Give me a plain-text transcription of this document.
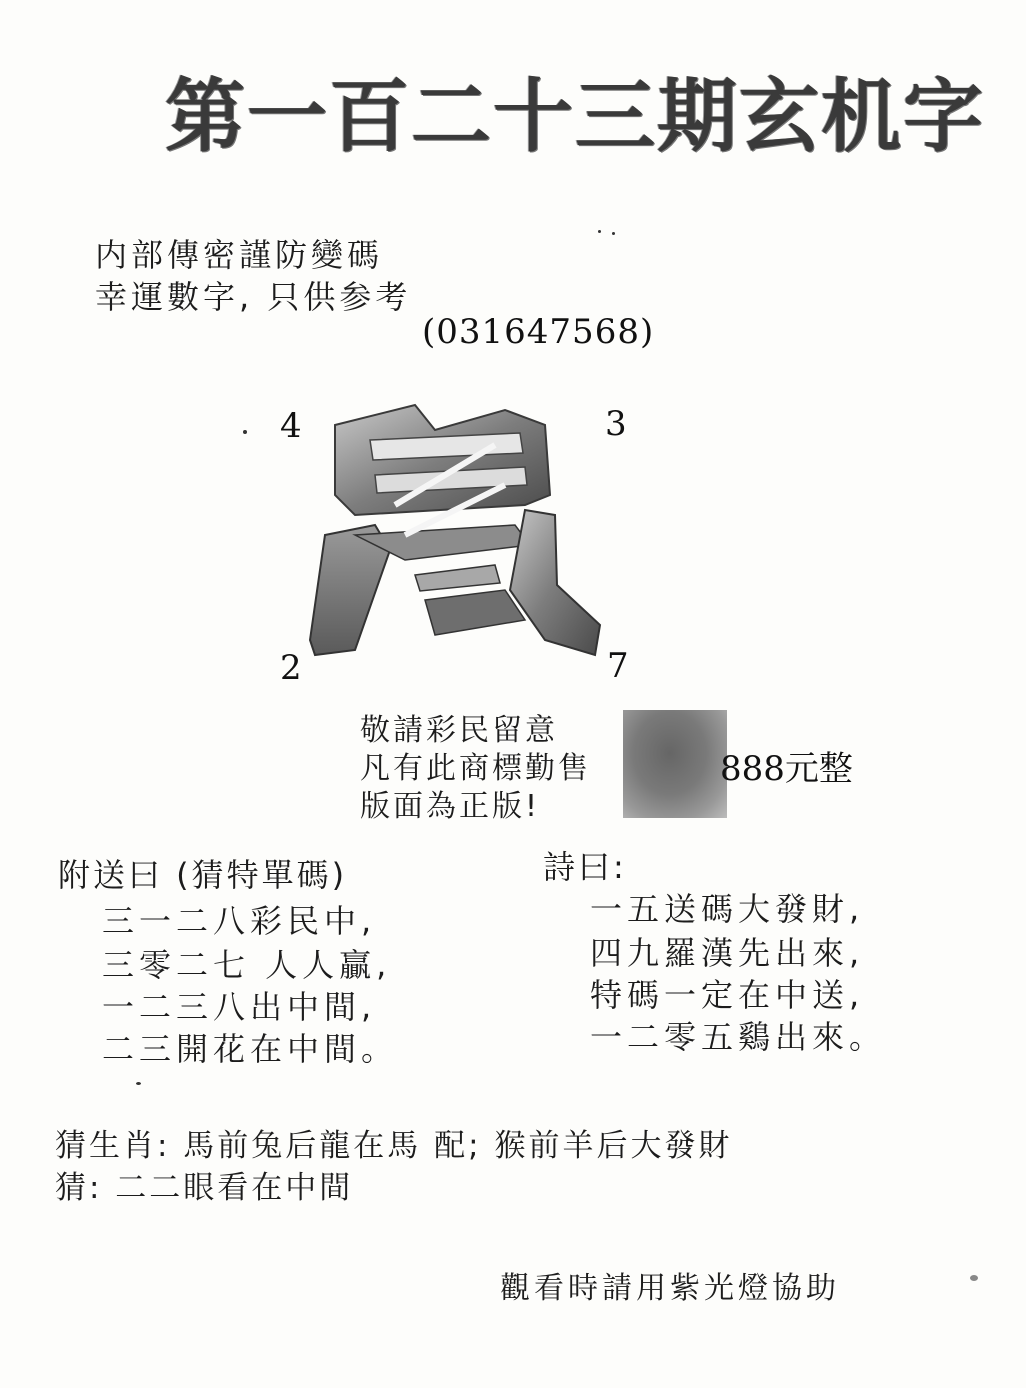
第一百二十三期玄机字
内部傳密謹防變碼
幸運數字, 只供参考
(031647568)
4	3
2	7
敬請彩民留意
凡有此商標勤售	888元整
版面為正版!
附送曰 (猜特單碼)
三一二八彩民中,
三零二七 人人贏,
一二三八出中間,
二三開花在中間。
詩曰:
一五送碼大發財,
四九羅漢先出來,
特碼一定在中送,
一二零五鷄出來。
猜生肖: 馬前兔后龍在馬 配; 猴前羊后大發財
猜: 二二眼看在中間
觀看時請用紫光燈協助
